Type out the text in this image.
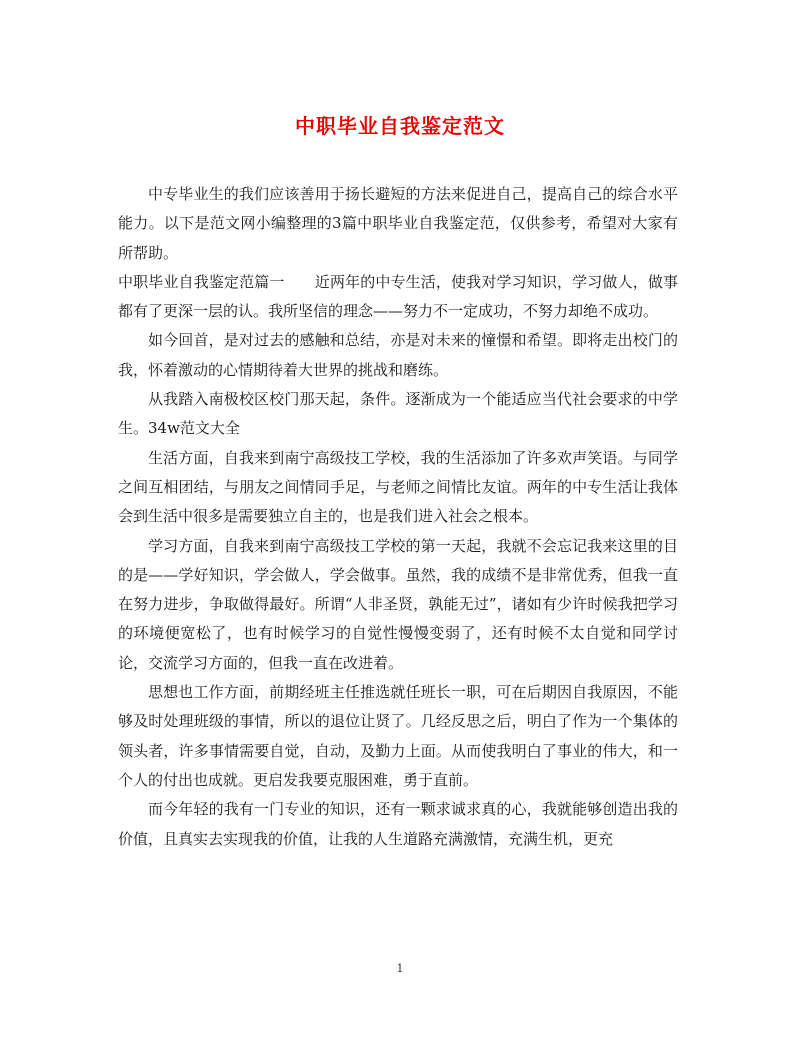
中职毕业自我鉴定范文

中专毕业生的我们应该善用于扬长避短的方法来促进自己，提高自己的综合水平能力。以下是范文网小编整理的3篇中职毕业自我鉴定范，仅供参考，希望对大家有所帮助。

中职毕业自我鉴定范篇一　　近两年的中专生活，使我对学习知识，学习做人，做事都有了更深一层的认。我所坚信的理念——努力不一定成功，不努力却绝不成功。

如今回首，是对过去的感触和总结，亦是对未来的憧憬和希望。即将走出校门的我，怀着激动的心情期待着大世界的挑战和磨练。

从我踏入南极校区校门那天起，条件。逐渐成为一个能适应当代社会要求的中学生。34w范文大全

生活方面，自我来到南宁高级技工学校，我的生活添加了许多欢声笑语。与同学之间互相团结，与朋友之间情同手足，与老师之间情比友谊。两年的中专生活让我体会到生活中很多是需要独立自主的，也是我们进入社会之根本。

学习方面，自我来到南宁高级技工学校的第一天起，我就不会忘记我来这里的目的是——学好知识，学会做人，学会做事。虽然，我的成绩不是非常优秀，但我一直在努力进步，争取做得最好。所谓“人非圣贤，孰能无过”，诸如有少许时候我把学习的环境便宽松了，也有时候学习的自觉性慢慢变弱了，还有时候不太自觉和同学讨论，交流学习方面的，但我一直在改进着。

思想也工作方面，前期经班主任推选就任班长一职，可在后期因自我原因，不能够及时处理班级的事情，所以的退位让贤了。几经反思之后，明白了作为一个集体的领头者，许多事情需要自觉，自动，及勤力上面。从而使我明白了事业的伟大，和一个人的付出也成就。更启发我要克服困难，勇于直前。

而今年轻的我有一门专业的知识，还有一颗求诚求真的心，我就能够创造出我的价值，且真实去实现我的价值，让我的人生道路充满激情，充满生机，更充

1
